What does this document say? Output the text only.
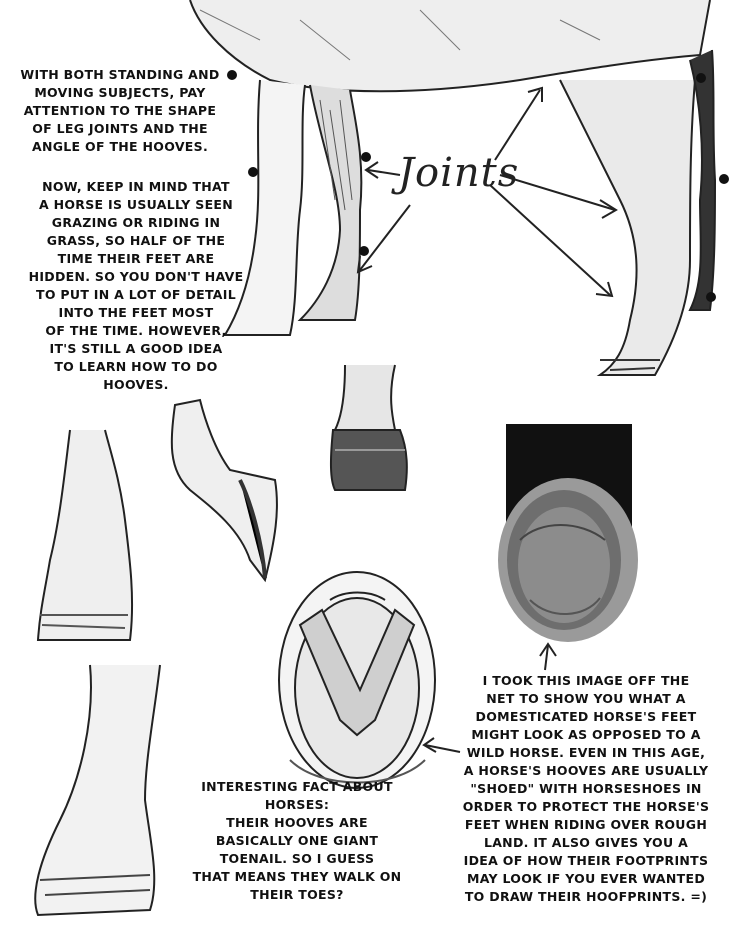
WITH BOTH STANDING AND
MOVING SUBJECTS, PAY
ATTENTION TO THE SHAPE
OF LEG JOINTS AND THE
ANGLE OF THE HOOVES.
NOW, KEEP IN MIND THAT
A HORSE IS USUALLY SEEN
GRAZING OR RIDING IN
GRASS, SO HALF OF THE
TIME THEIR FEET ARE
HIDDEN. SO YOU DON'T HAVE
TO PUT IN A LOT OF DETAIL
INTO THE FEET MOST
OF THE TIME. HOWEVER,
IT'S STILL A GOOD IDEA
TO LEARN HOW TO DO
HOOVES.
Joints
INTERESTING FACT ABOUT
HORSES:
THEIR HOOVES ARE
BASICALLY ONE GIANT
TOENAIL. SO I GUESS
THAT MEANS THEY WALK ON
THEIR TOES?
I TOOK THIS IMAGE OFF THE
NET TO SHOW YOU WHAT A
DOMESTICATED HORSE'S FEET
MIGHT LOOK AS OPPOSED TO A
WILD HORSE. EVEN IN THIS AGE,
A HORSE'S HOOVES ARE USUALLY
"SHOED" WITH HORSESHOES IN
ORDER TO PROTECT THE HORSE'S
FEET WHEN RIDING OVER ROUGH
LAND. IT ALSO GIVES YOU A
IDEA OF HOW THEIR FOOTPRINTS
MAY LOOK IF YOU EVER WANTED
TO DRAW THEIR HOOFPRINTS. =)
